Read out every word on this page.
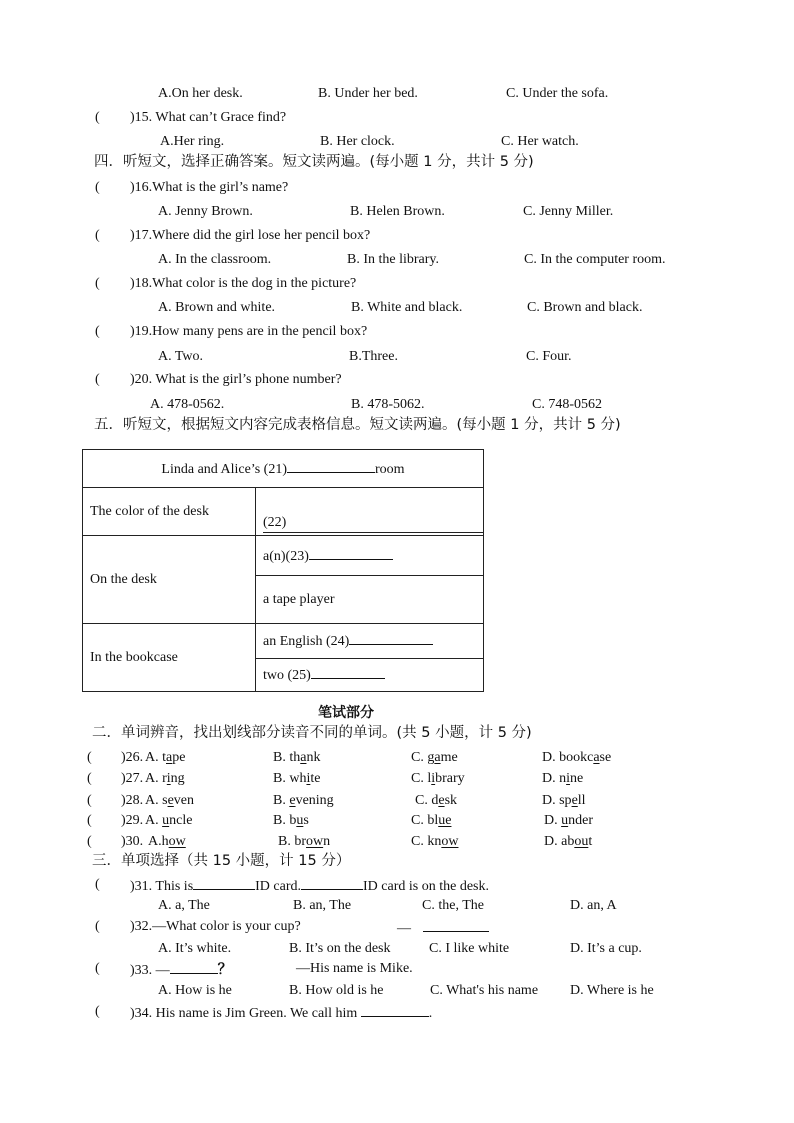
A.On her desk.	B. Under her bed.	C. Under the sofa.
( )15. What can’t Grace find?
A.Her ring.	B. Her clock.	C. Her watch.
四．听短文，选择正确答案。短文读两遍。(每小题 1 分，共计 5 分)
( )16.What is the girl’s name?
A. Jenny Brown.	B. Helen Brown.	C. Jenny Miller.
( )17.Where did the girl lose her pencil box?
A. In the classroom.	B. In the library.	C. In the computer room.
( )18.What color is the dog in the picture?
A. Brown and white.	B. White and black.	C. Brown and black.
( )19.How many pens are in the pencil box?
A. Two.	B.Three.	C. Four.
( )20. What is the girl’s phone number?
A. 478-0562.	B. 478-5062.	C. 748-0562
五．听短文，根据短文内容完成表格信息。短文读两遍。(每小题 1 分，共计 5 分)
Linda and Alice’s (21) room	
The color of the desk	(22)

On the desk	a(n)(23)
	a tape player
In the bookcase	an English (24)
	two (25)
笔试部分
二．单词辨音，找出划线部分读音不同的单词。(共 5 小题，计 5 分)
( )26. A. tape	B. thank	C. game	D. bookcase
( )27. A. ring	B. white	C. library	D. nine
( )28. A. seven	B. evening	C. desk	D. spell
( )29. A. uncle	B. bus	C. blue	D. under
( )30. A.how	B. brown	C. know	D. about
三．单项选择（共 15 小题，计 15 分）
( )31. This is	ID card.	ID card is on the desk.
A. a, The	B. an, The	C. the, The	D. an, A
( )32.—What color is your cup?	—
A. It’s white.	B. It’s on the desk	C. I like white	D. It’s a cup.
( )33. —	？	—His name is Mike.
A. How is he	B. How old is he	C. What's his name D. Where is he
( )34. His name is Jim Green. We call him	.
